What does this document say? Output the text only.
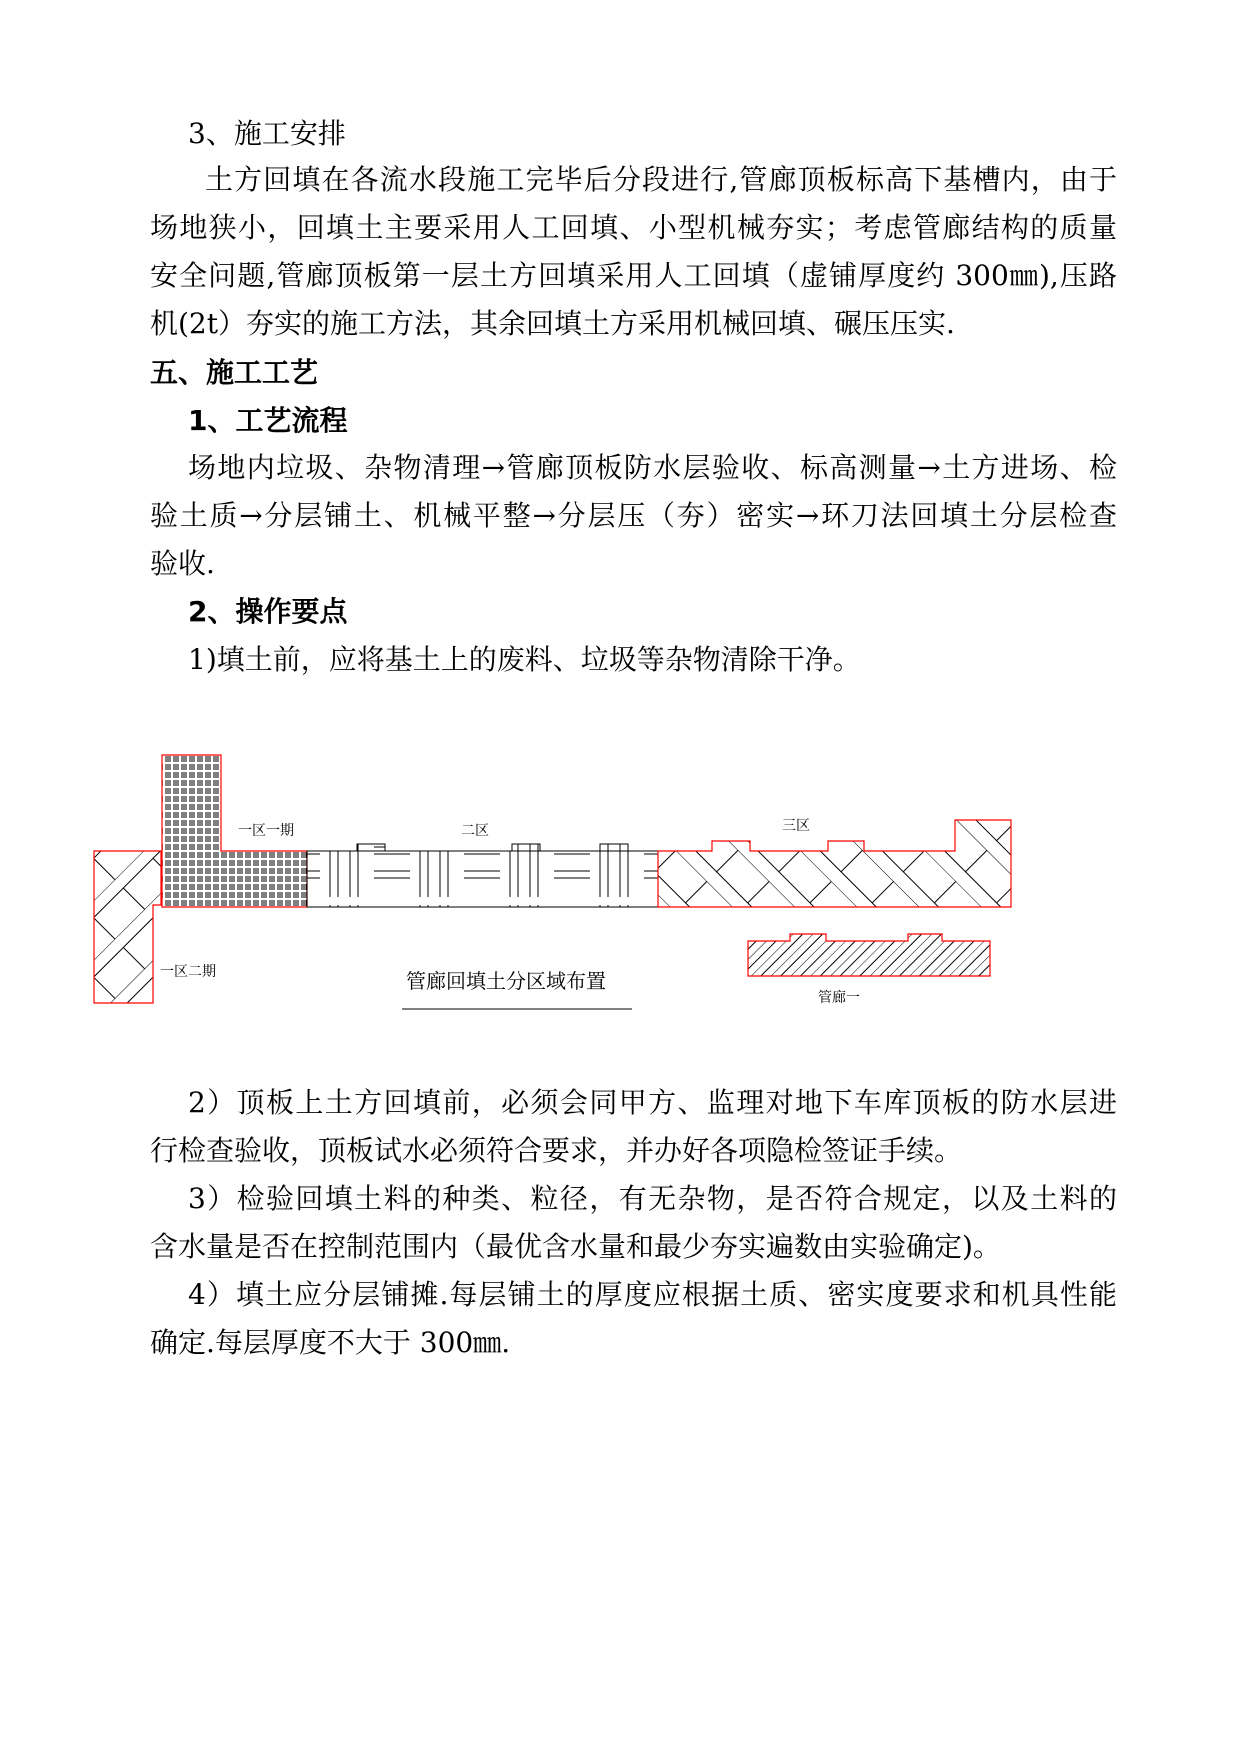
3、施工安排
土方回填在各流水段施工完毕后分段进行,管廊顶板标高下基槽内，由于
场地狭小，回填土主要采用人工回填、小型机械夯实；考虑管廊结构的质量
安全问题,管廊顶板第一层土方回填采用人工回填（虚铺厚度约 300㎜),压路
机(2t）夯实的施工方法，其余回填土方采用机械回填、碾压压实.
五、施工工艺
1、工艺流程
场地内垃圾、杂物清理→管廊顶板防水层验收、标高测量→土方进场、检
验土质→分层铺土、机械平整→分层压（夯）密实→环刀法回填土分层检查
验收.
2、操作要点
1)填土前，应将基土上的废料、垃圾等杂物清除干净。
一区一期	二区	三区
一区二期	管廊回填土分区域布置
管廊一
2）顶板上土方回填前，必须会同甲方、监理对地下车库顶板的防水层进
行检查验收，顶板试水必须符合要求，并办好各项隐检签证手续。
3）检验回填土料的种类、粒径，有无杂物，是否符合规定，以及土料的
含水量是否在控制范围内（最优含水量和最少夯实遍数由实验确定)。
4）填土应分层铺摊.每层铺土的厚度应根据土质、密实度要求和机具性能
确定.每层厚度不大于 300㎜.
